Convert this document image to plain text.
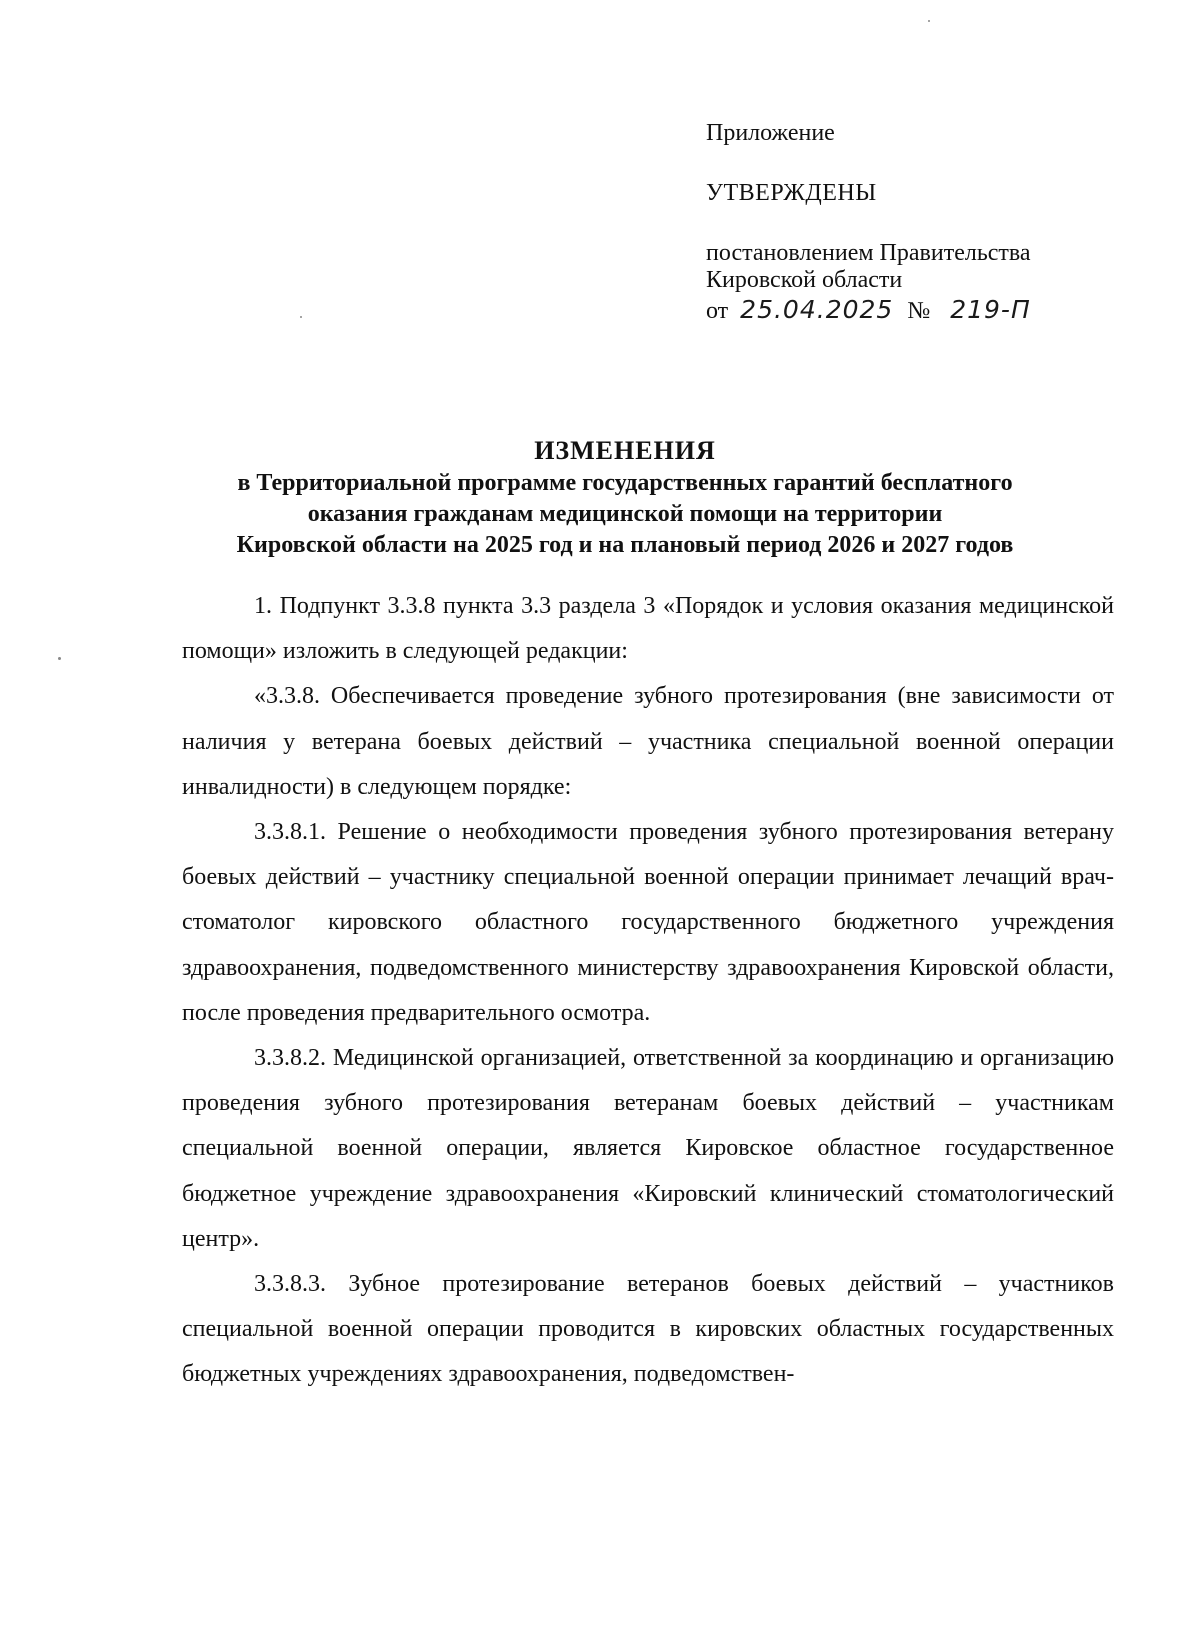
Приложение
УТВЕРЖДЕНЫ
постановлением Правительства
Кировской области
от 25.04.2025 № 219-П
ИЗМЕНЕНИЯ
в Территориальной программе государственных гарантий бесплатного
оказания гражданам медицинской помощи на территории
Кировской области на 2025 год и на плановый период 2026 и 2027 годов

1. Подпункт 3.3.8 пункта 3.3 раздела 3 «Порядок и условия оказания медицинской помощи» изложить в следующей редакции:

«3.3.8. Обеспечивается проведение зубного протезирования (вне зависимости от наличия у ветерана боевых действий – участника специальной военной операции инвалидности) в следующем порядке:

3.3.8.1. Решение о необходимости проведения зубного протезирования ветерану боевых действий – участнику специальной военной операции принимает лечащий врач-стоматолог кировского областного государственного бюджетного учреждения здравоохранения, подведомственного министерству здравоохранения Кировской области, после проведения предварительного осмотра.

3.3.8.2. Медицинской организацией, ответственной за координацию и организацию проведения зубного протезирования ветеранам боевых действий – участникам специальной военной операции, является Кировское областное государственное бюджетное учреждение здравоохранения «Кировский клинический стоматологический центр».

3.3.8.3. Зубное протезирование ветеранов боевых действий – участников специальной военной операции проводится в кировских областных государственных бюджетных учреждениях здравоохранения, подведомствен-
